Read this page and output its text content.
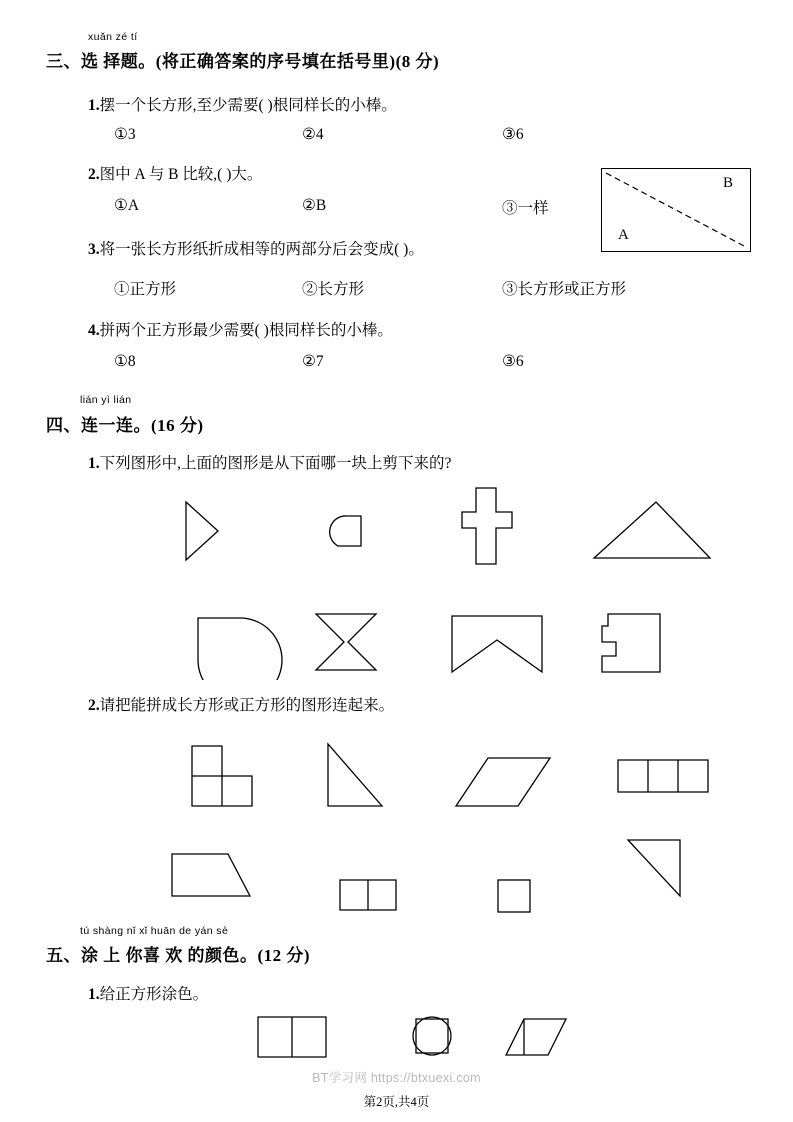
xuǎn zé tí
三、选 择题。(将正确答案的序号填在括号里)(8 分)
1.摆一个长方形,至少需要( )根同样长的小棒。
①3	②4	③6
2.图中 A 与 B 比较,( )大。
①A	②B	③一样
A
B
3.将一张长方形纸折成相等的两部分后会变成( )。
①正方形	②长方形	③长方形或正方形
4.拼两个正方形最少需要( )根同样长的小棒。
①8	②7	③6
lián yì lián
四、连一连。(16 分)
1.下列图形中,上面的图形是从下面哪一块上剪下来的?
2.请把能拼成长方形或正方形的图形连起来。
tú shàng nǐ xǐ huān de yán sè
五、涂 上 你喜 欢 的颜色。(12 分)
1.给正方形涂色。
BT学习网 https://btxuexi.com
第2页,共4页
